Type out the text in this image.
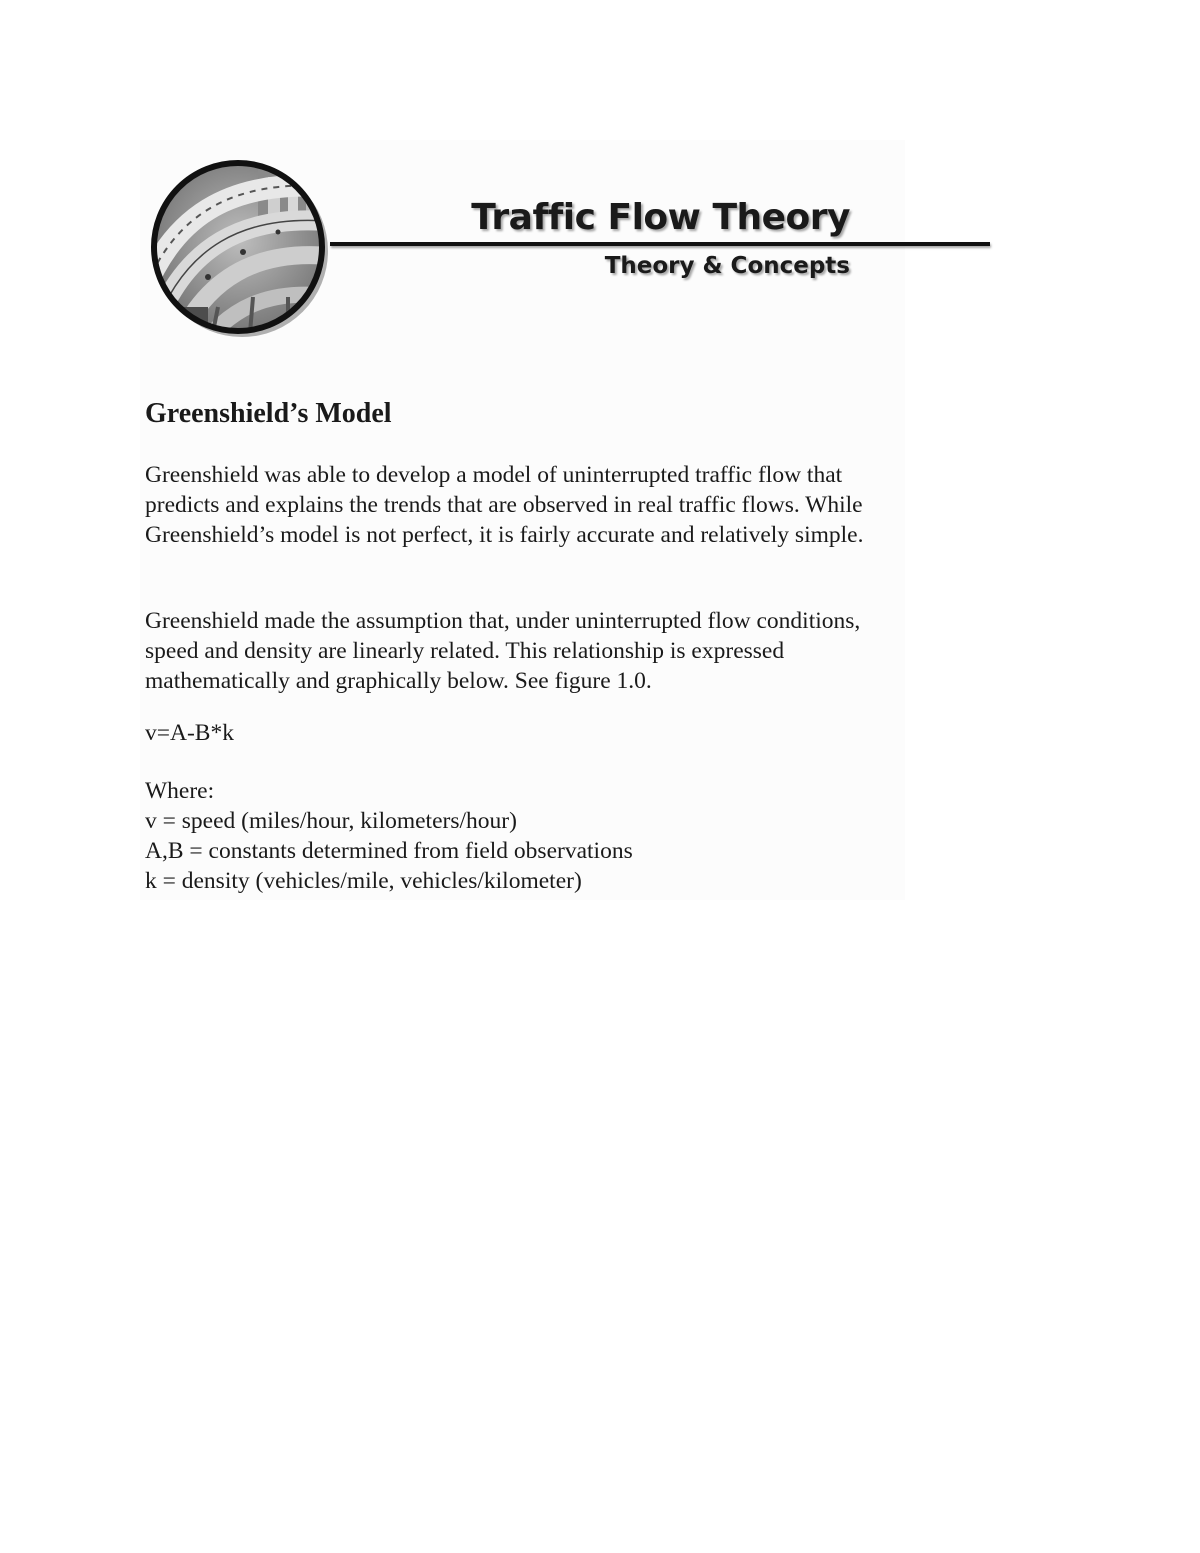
Traffic Flow Theory
Theory & Concepts
Greenshield’s Model

Greenshield was able to develop a model of uninterrupted traffic flow that predicts and explains the trends that are observed in real traffic flows. While Greenshield’s model is not perfect, it is fairly accurate and relatively simple.

Greenshield made the assumption that, under uninterrupted flow conditions, speed and density are linearly related. This relationship is expressed mathematically and graphically below. See figure 1.0.

v=A-B*k

Where:
v = speed (miles/hour, kilometers/hour)
A,B = constants determined from field observations
k = density (vehicles/mile, vehicles/kilometer)
